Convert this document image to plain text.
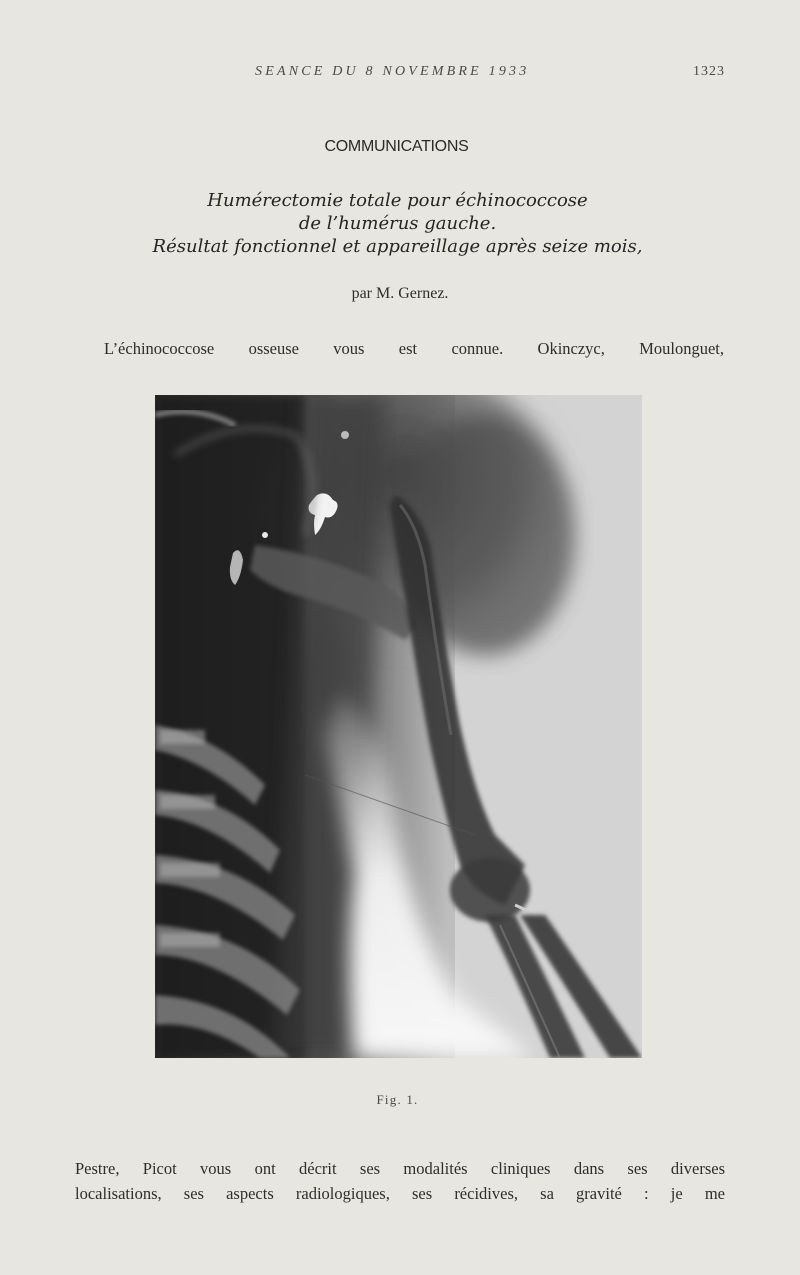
SEANCE DU 8 NOVEMBRE 1933	1323
COMMUNICATIONS
Humérectomie totale pour échinococcose
de l’humérus gauche.
Résultat fonctionnel et appareillage après seize mois,
par M. Gernez.
L’échinococcose osseuse vous est connue. Okinczyc, Moulonguet,
Fig. 1.
Pestre, Picot vous ont décrit ses modalités cliniques dans ses diverses
localisations, ses aspects radiologiques, ses récidives, sa gravité : je me
